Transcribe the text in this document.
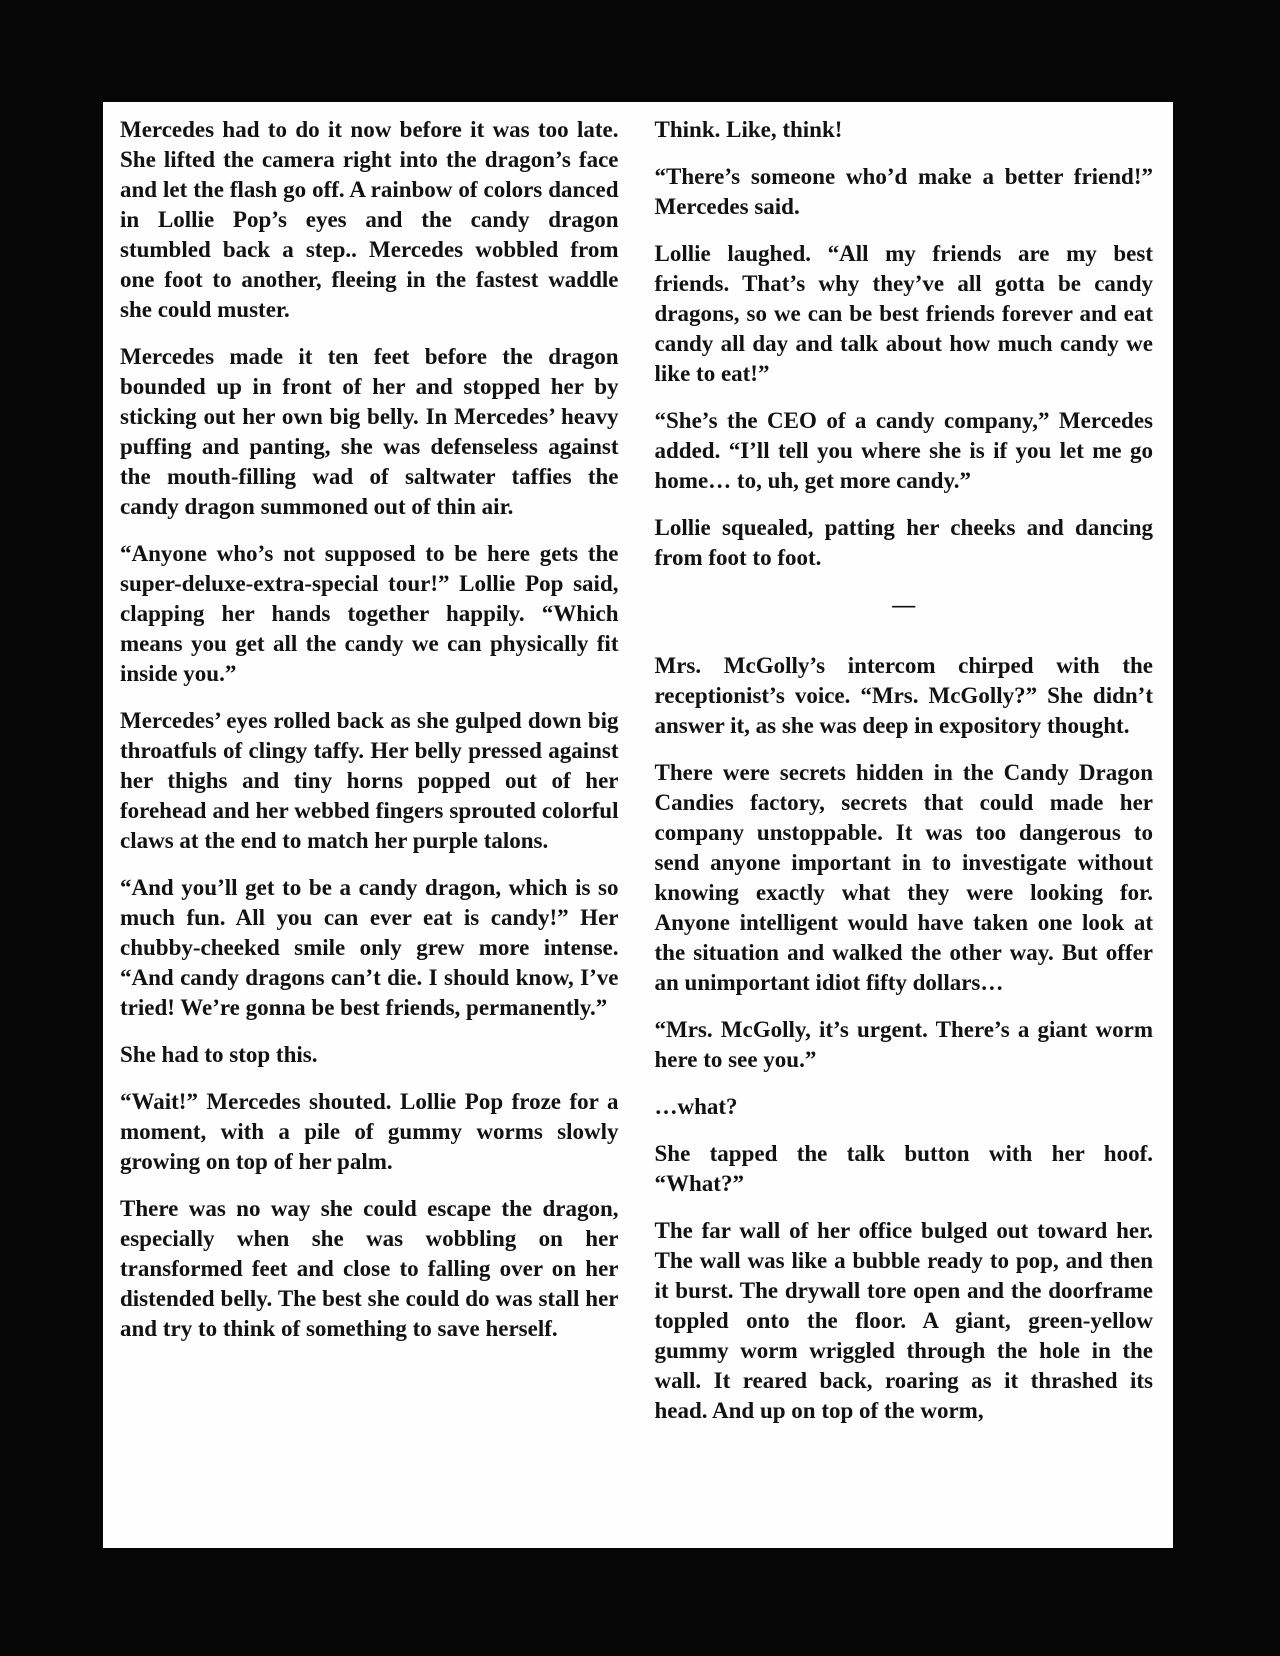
Mercedes had to do it now before it was too late. She lifted the camera right into the dragon’s face and let the flash go off. A rainbow of colors danced in Lollie Pop’s eyes and the candy dragon stumbled back a step.. Mercedes wobbled from one foot to another, fleeing in the fastest waddle she could muster.

Mercedes made it ten feet before the dragon bounded up in front of her and stopped her by sticking out her own big belly. In Mercedes’ heavy puffing and panting, she was defenseless against the mouth-filling wad of saltwater taffies the candy dragon summoned out of thin air.

“Anyone who’s not supposed to be here gets the super-deluxe-extra-special tour!” Lollie Pop said, clapping her hands together happily. “Which means you get all the candy we can physically fit inside you.”

Mercedes’ eyes rolled back as she gulped down big throatfuls of clingy taffy. Her belly pressed against her thighs and tiny horns popped out of her forehead and her webbed fingers sprouted colorful claws at the end to match her purple talons.

“And you’ll get to be a candy dragon, which is so much fun. All you can ever eat is candy!” Her chubby-cheeked smile only grew more intense. “And candy dragons can’t die. I should know, I’ve tried! We’re gonna be best friends, permanently.”

She had to stop this.

“Wait!” Mercedes shouted. Lollie Pop froze for a moment, with a pile of gummy worms slowly growing on top of her palm.

There was no way she could escape the dragon, especially when she was wobbling on her transformed feet and close to falling over on her distended belly. The best she could do was stall her and try to think of something to save herself.

Think. Like, think!

“There’s someone who’d make a better friend!” Mercedes said.

Lollie laughed. “All my friends are my best friends. That’s why they’ve all gotta be candy dragons, so we can be best friends forever and eat candy all day and talk about how much candy we like to eat!”

“She’s the CEO of a candy company,” Mercedes added. “I’ll tell you where she is if you let me go home… to, uh, get more candy.”

Lollie squealed, patting her cheeks and dancing from foot to foot.

—

Mrs. McGolly’s intercom chirped with the receptionist’s voice. “Mrs. McGolly?” She didn’t answer it, as she was deep in expository thought.

There were secrets hidden in the Candy Dragon Candies factory, secrets that could made her company unstoppable. It was too dangerous to send anyone important in to investigate without knowing exactly what they were looking for. Anyone intelligent would have taken one look at the situation and walked the other way. But offer an unimportant idiot fifty dollars…

“Mrs. McGolly, it’s urgent. There’s a giant worm here to see you.”

…what?

She tapped the talk button with her hoof. “What?”

The far wall of her office bulged out toward her. The wall was like a bubble ready to pop, and then it burst. The drywall tore open and the doorframe toppled onto the floor. A giant, green-yellow gummy worm wriggled through the hole in the wall. It reared back, roaring as it thrashed its head. And up on top of the worm,
